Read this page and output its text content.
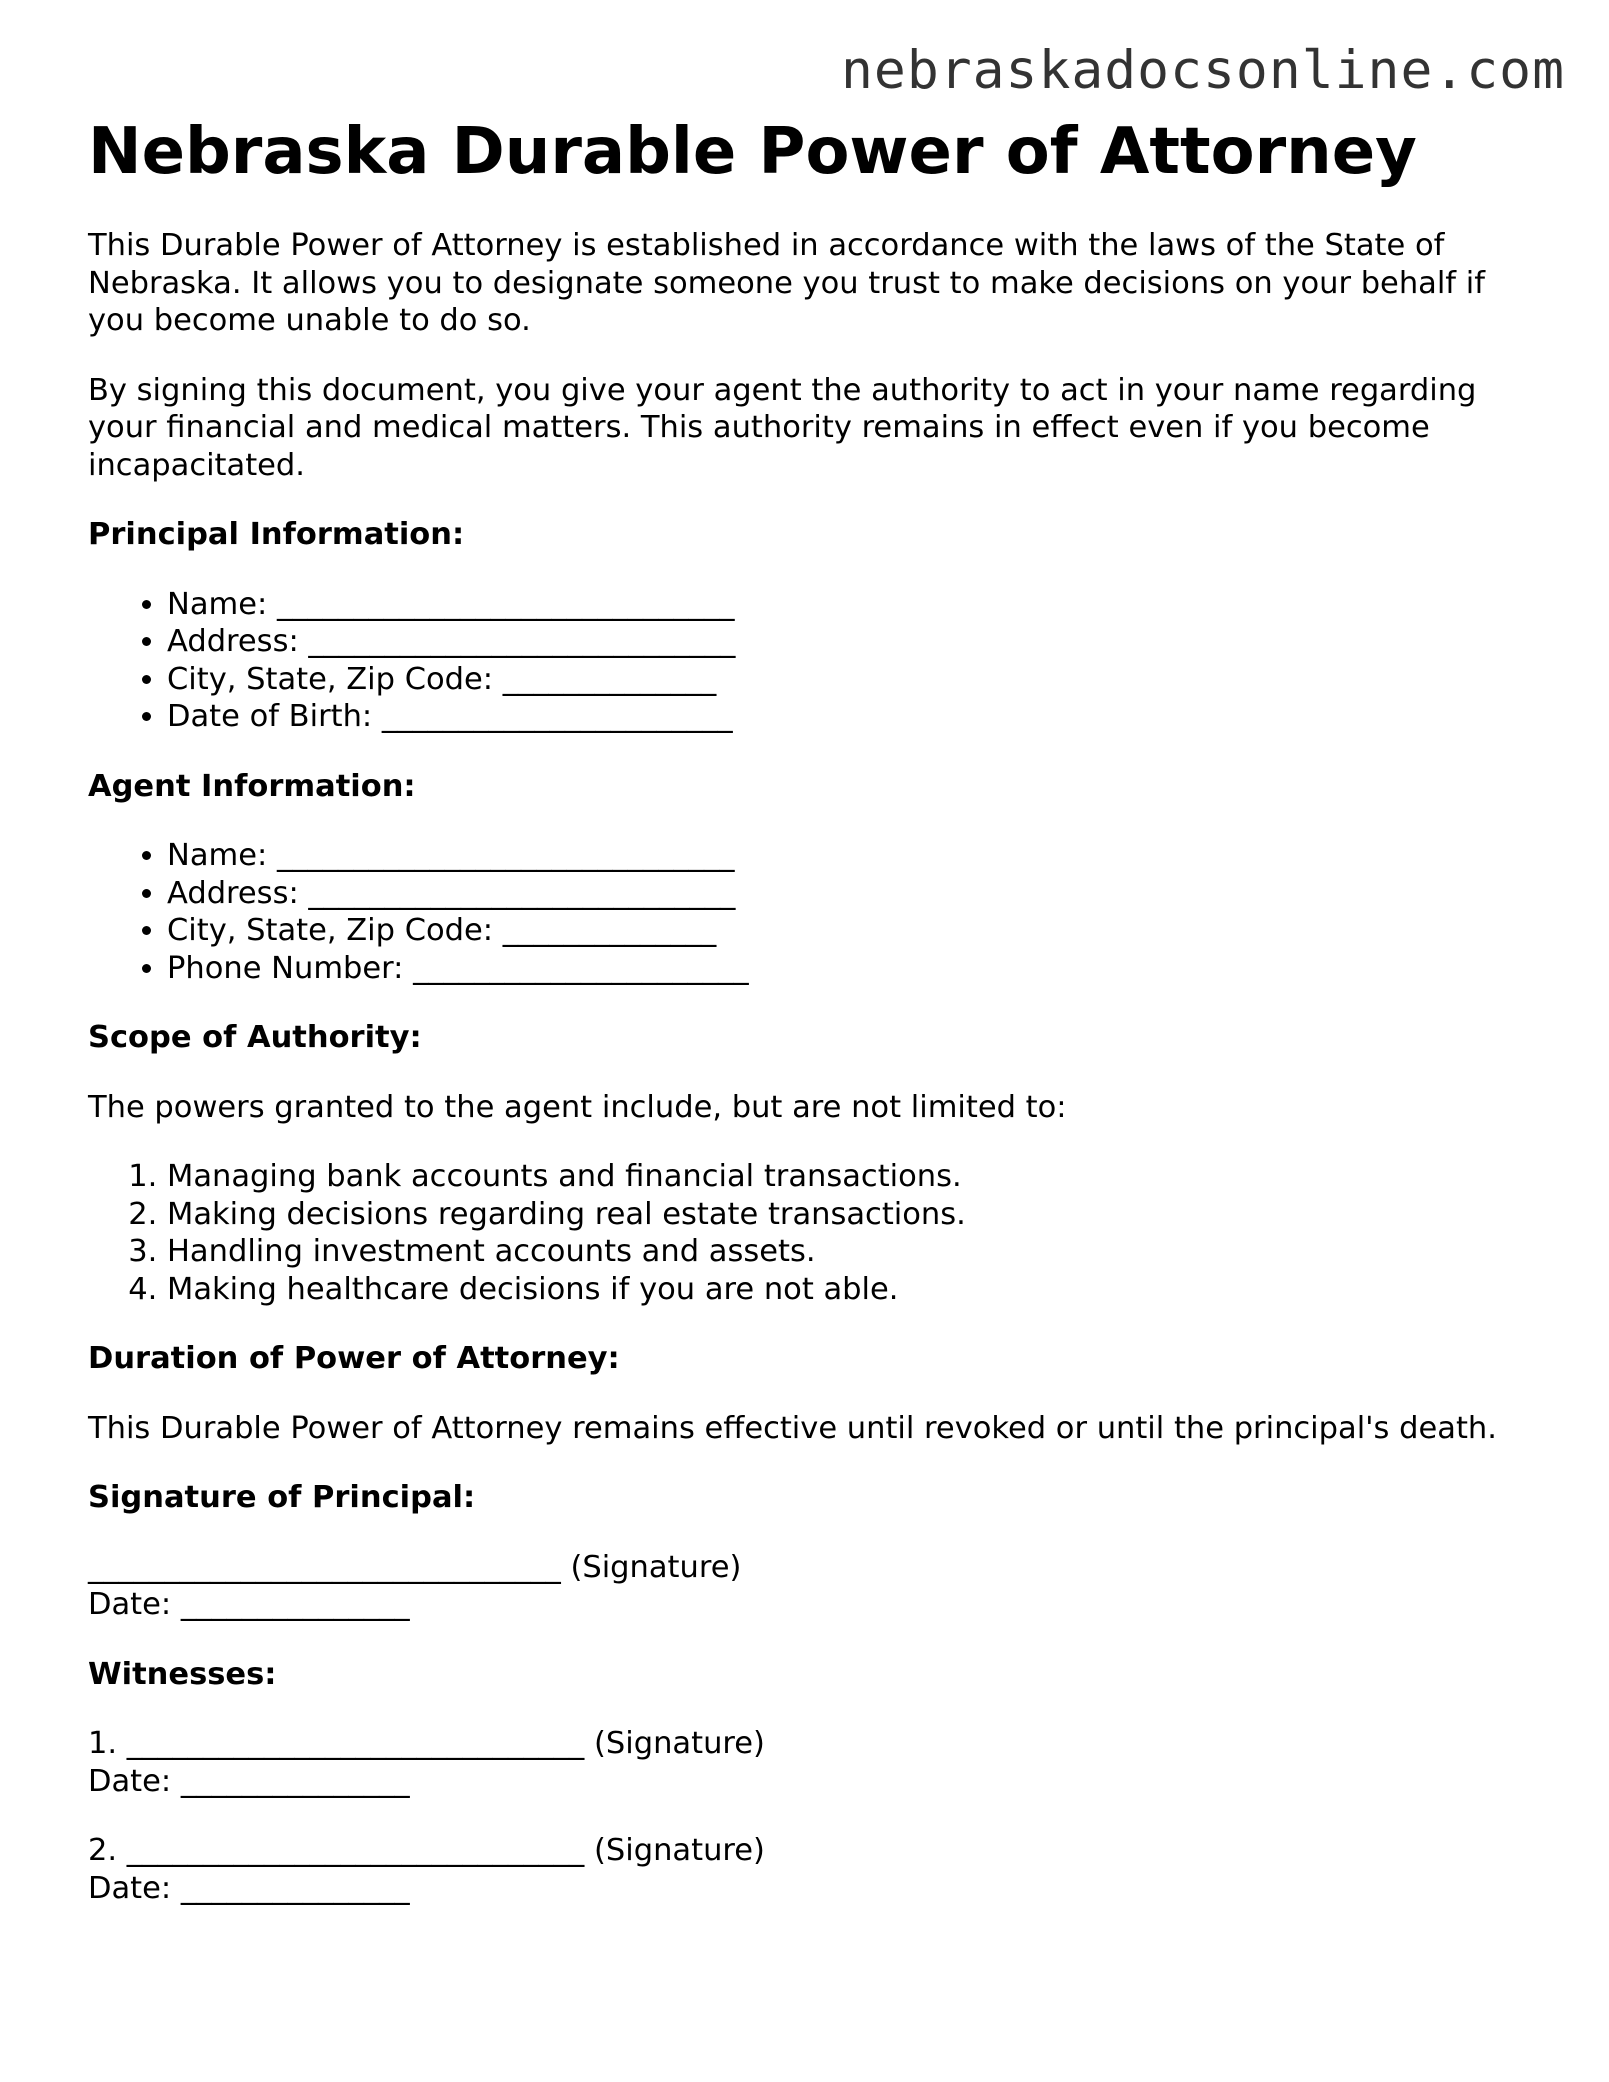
nebraskadocsonline.com

Nebraska Durable Power of Attorney

This Durable Power of Attorney is established in accordance with the laws of the State of Nebraska. It allows you to designate someone you trust to make decisions on your behalf if you become unable to do so.

By signing this document, you give your agent the authority to act in your name regarding your financial and medical matters. This authority remains in effect even if you become incapacitated.

Principal Information:

• Name: ______________________________
• Address: ____________________________
• City, State, Zip Code: ______________
• Date of Birth: _______________________

Agent Information:

• Name: ______________________________
• Address: ____________________________
• City, State, Zip Code: ______________
• Phone Number: ______________________

Scope of Authority:

The powers granted to the agent include, but are not limited to:

1. Managing bank accounts and financial transactions.
2. Making decisions regarding real estate transactions.
3. Handling investment accounts and assets.
4. Making healthcare decisions if you are not able.

Duration of Power of Attorney:

This Durable Power of Attorney remains effective until revoked or until the principal's death.

Signature of Principal:

_______________________________ (Signature)

Date: _______________

Witnesses:

1. ______________________________ (Signature)

Date: _______________

2. ______________________________ (Signature)

Date: _______________
